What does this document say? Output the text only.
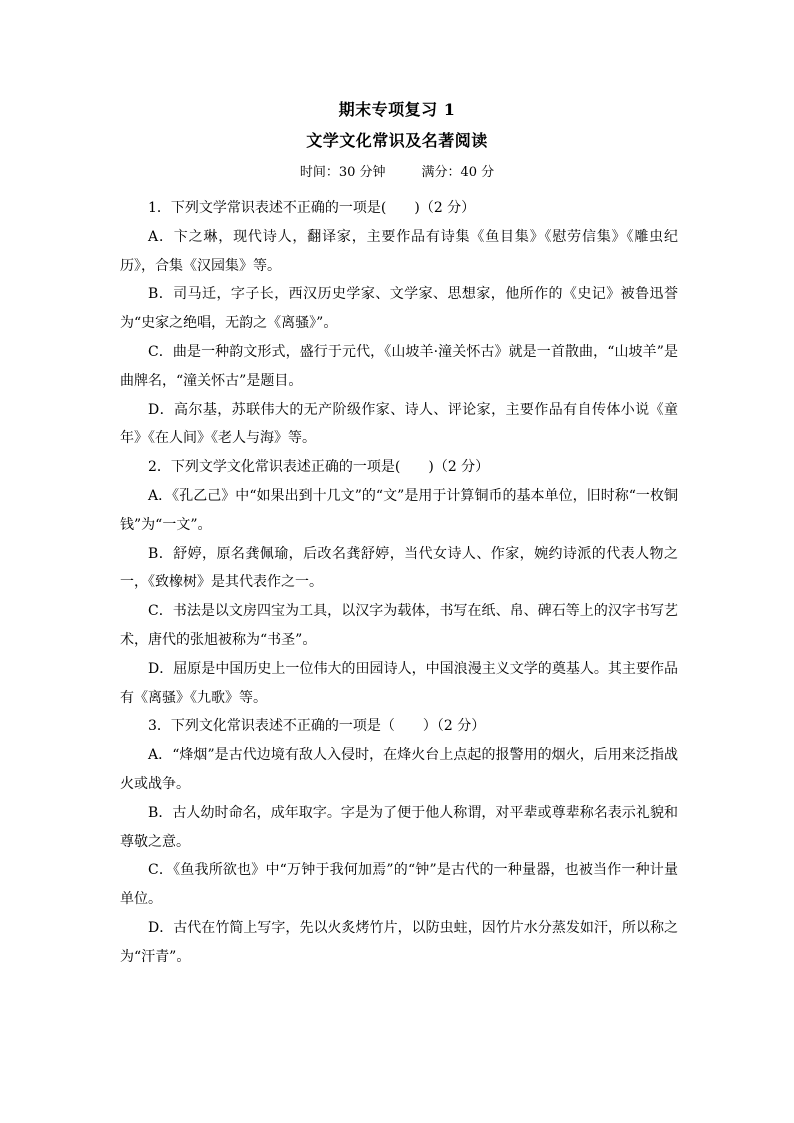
期末专项复习 1
文学文化常识及名著阅读
时间：30 分钟	满分：40 分

1．下列文学常识表述不正确的一项是(　　)（2 分）

A．卞之琳，现代诗人，翻译家，主要作品有诗集《鱼目集》《慰劳信集》《雕虫纪历》，合集《汉园集》等。

B．司马迁，字子长，西汉历史学家、文学家、思想家，他所作的《史记》被鲁迅誉为“史家之绝唱，无韵之《离骚》”。

C．曲是一种韵文形式，盛行于元代，《山坡羊·潼关怀古》就是一首散曲，“山坡羊”是曲牌名，“潼关怀古”是题目。

D．高尔基，苏联伟大的无产阶级作家、诗人、评论家，主要作品有自传体小说《童年》《在人间》《老人与海》等。

2．下列文学文化常识表述正确的一项是(　　)（2 分）

A．《孔乙己》中“如果出到十几文”的“文”是用于计算铜币的基本单位，旧时称“一枚铜钱”为“一文”。

B．舒婷，原名龚佩瑜，后改名龚舒婷，当代女诗人、作家，婉约诗派的代表人物之一，《致橡树》是其代表作之一。

C．书法是以文房四宝为工具，以汉字为载体，书写在纸、帛、碑石等上的汉字书写艺术，唐代的张旭被称为“书圣”。

D．屈原是中国历史上一位伟大的田园诗人，中国浪漫主义文学的奠基人。其主要作品有《离骚》《九歌》等。

3．下列文化常识表述不正确的一项是（　　）（2 分）

A．“烽烟”是古代边境有敌人入侵时，在烽火台上点起的报警用的烟火，后用来泛指战火或战争。

B．古人幼时命名，成年取字。字是为了便于他人称谓，对平辈或尊辈称名表示礼貌和尊敬之意。

C．《鱼我所欲也》中“万钟于我何加焉”的“钟”是古代的一种量器，也被当作一种计量单位。

D．古代在竹简上写字，先以火炙烤竹片，以防虫蛀，因竹片水分蒸发如汗，所以称之为“汗青”。
